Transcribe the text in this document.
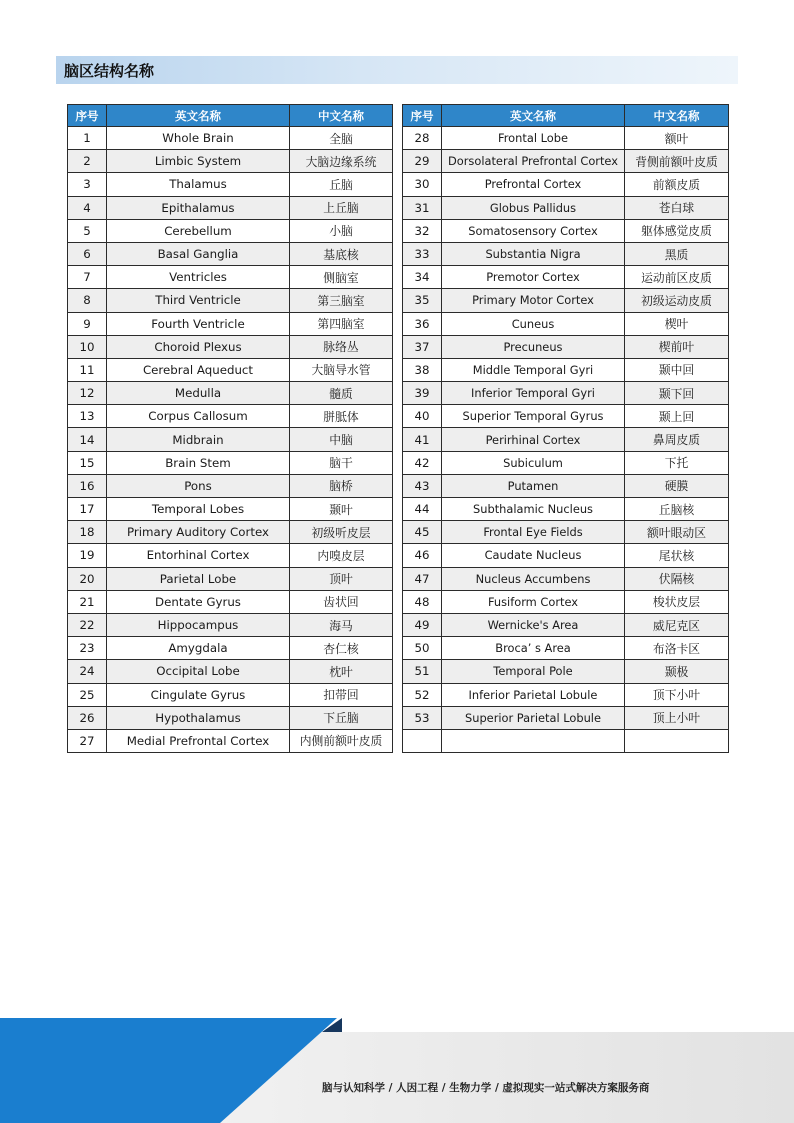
脑区结构名称
序号	英文名称	中文名称
1	Whole Brain	全脑
2	Limbic System	大脑边缘系统
3	Thalamus	丘脑
4	Epithalamus	上丘脑
5	Cerebellum	小脑
6	Basal Ganglia	基底核
7	Ventricles	侧脑室
8	Third Ventricle	第三脑室
9	Fourth Ventricle	第四脑室
10	Choroid Plexus	脉络丛
11	Cerebral Aqueduct	大脑导水管
12	Medulla	髓质
13	Corpus Callosum	胼胝体
14	Midbrain	中脑
15	Brain Stem	脑干
16	Pons	脑桥
17	Temporal Lobes	颞叶
18	Primary Auditory Cortex	初级听皮层
19	Entorhinal Cortex	内嗅皮层
20	Parietal Lobe	顶叶
21	Dentate Gyrus	齿状回
22	Hippocampus	海马
23	Amygdala	杏仁核
24	Occipital Lobe	枕叶
25	Cingulate Gyrus	扣带回
26	Hypothalamus	下丘脑
27	Medial Prefrontal Cortex	内侧前额叶皮质
序号	英文名称	中文名称
28	Frontal Lobe	额叶
29	Dorsolateral Prefrontal Cortex	背侧前额叶皮质
30	Prefrontal Cortex	前额皮质
31	Globus Pallidus	苍白球
32	Somatosensory Cortex	躯体感觉皮质
33	Substantia Nigra	黑质
34	Premotor Cortex	运动前区皮质
35	Primary Motor Cortex	初级运动皮质
36	Cuneus	楔叶
37	Precuneus	楔前叶
38	Middle Temporal Gyri	颞中回
39	Inferior Temporal Gyri	颞下回
40	Superior Temporal Gyrus	颞上回
41	Perirhinal Cortex	鼻周皮质
42	Subiculum	下托
43	Putamen	硬膜
44	Subthalamic Nucleus	丘脑核
45	Frontal Eye Fields	额叶眼动区
46	Caudate Nucleus	尾状核
47	Nucleus Accumbens	伏隔核
48	Fusiform Cortex	梭状皮层
49	Wernicke's Area	威尼克区
50	Broca’ s Area	布洛卡区
51	Temporal Pole	颞极
52	Inferior Parietal Lobule	顶下小叶
53	Superior Parietal Lobule	顶上小叶

脑与认知科学 / 人因工程 / 生物力学 / 虚拟现实一站式解决方案服务商
